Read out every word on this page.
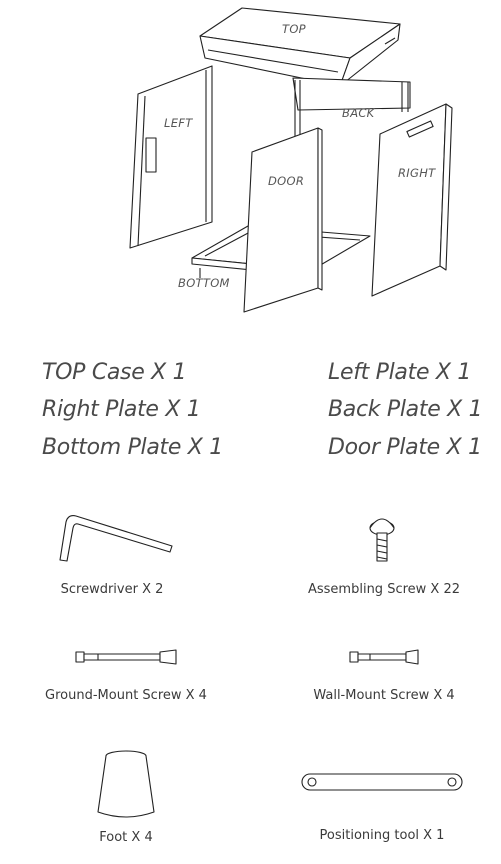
TOP
LEFT
BACK
DOOR
RIGHT
BOTTOM
TOP Case X 1	Left Plate X 1
Right Plate X 1	Back Plate X 1
Bottom Plate X 1	Door Plate X 1
Screwdriver X 2	Assembling Screw X 22
Ground-Mount Screw X 4	Wall-Mount Screw X 4
Foot X 4	Positioning tool X 1
